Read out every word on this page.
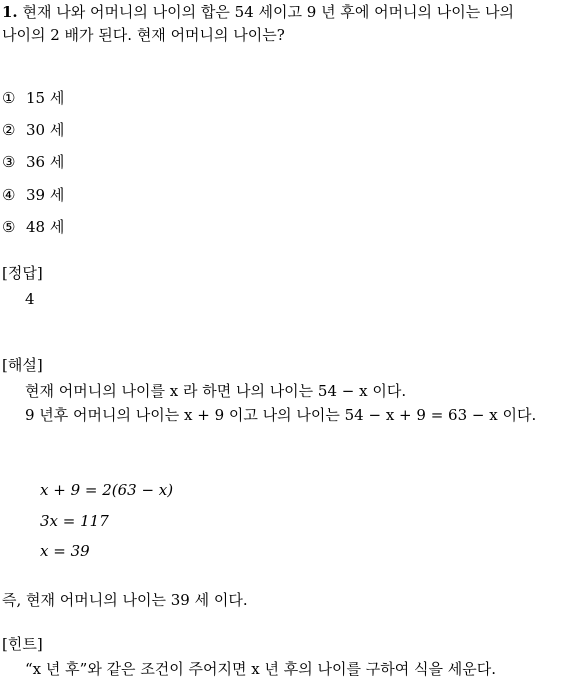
1. 현재 나와 어머니의 나이의 합은 54 세이고 9 년 후에 어머니의 나이는 나의
나이의 2 배가 된다. 현재 어머니의 나이는?
① 15 세
② 30 세
③ 36 세
④ 39 세
⑤ 48 세
[정답]
4
[해설]
현재 어머니의 나이를 x 라 하면 나의 나이는 54 − x 이다.
9 년후 어머니의 나이는 x + 9 이고 나의 나이는 54 − x + 9 = 63 − x 이다.
x + 9 = 2(63 − x)
3x = 117
x = 39
즉, 현재 어머니의 나이는 39 세 이다.
[힌트]
“x 년 후”와 같은 조건이 주어지면 x 년 후의 나이를 구하여 식을 세운다.
